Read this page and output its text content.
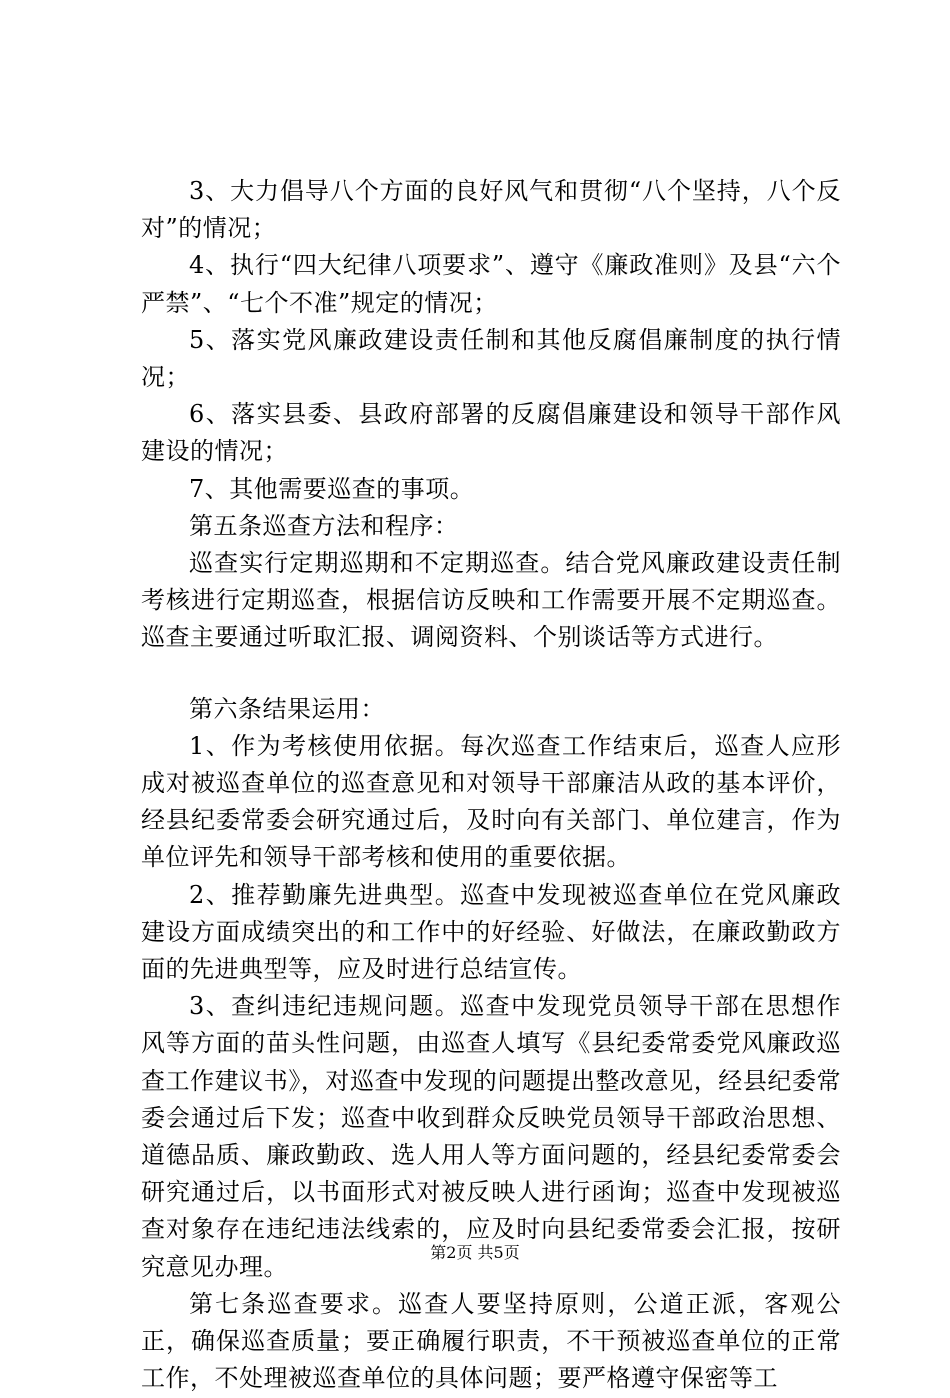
3、大力倡导八个方面的良好风气和贯彻“八个坚持，八个反对”的情况；

4、执行“四大纪律八项要求”、遵守《廉政准则》及县“六个严禁”、“七个不准”规定的情况；

5、落实党风廉政建设责任制和其他反腐倡廉制度的执行情况；

6、落实县委、县政府部署的反腐倡廉建设和领导干部作风建设的情况；

7、其他需要巡查的事项。

第五条巡查方法和程序：

巡查实行定期巡期和不定期巡查。结合党风廉政建设责任制考核进行定期巡查，根据信访反映和工作需要开展不定期巡查。巡查主要通过听取汇报、调阅资料、个别谈话等方式进行。

第六条结果运用：

1、作为考核使用依据。每次巡查工作结束后，巡查人应形成对被巡查单位的巡查意见和对领导干部廉洁从政的基本评价，经县纪委常委会研究通过后，及时向有关部门、单位建言，作为单位评先和领导干部考核和使用的重要依据。

2、推荐勤廉先进典型。巡查中发现被巡查单位在党风廉政建设方面成绩突出的和工作中的好经验、好做法，在廉政勤政方面的先进典型等，应及时进行总结宣传。

3、查纠违纪违规问题。巡查中发现党员领导干部在思想作风等方面的苗头性问题，由巡查人填写《县纪委常委党风廉政巡查工作建议书》，对巡查中发现的问题提出整改意见，经县纪委常委会通过后下发；巡查中收到群众反映党员领导干部政治思想、道德品质、廉政勤政、选人用人等方面问题的，经县纪委常委会研究通过后，以书面形式对被反映人进行函询；巡查中发现被巡查对象存在违纪违法线索的，应及时向县纪委常委会汇报，按研究意见办理。

第七条巡查要求。巡查人要坚持原则，公道正派，客观公正，确保巡查质量；要正确履行职责，不干预被巡查单位的正常工作，不处理被巡查单位的具体问题；要严格遵守保密等工

第2页 共5页
